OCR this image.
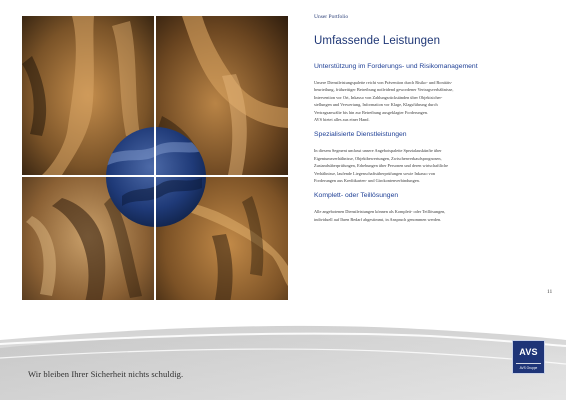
Unser Portfolio
Umfassende Leistungen
Unterstützung im Forderungs- und Risikomanagement

Unsere Dienstleistungspalette reicht von Prävention durch Risiko- und Bonitäts-

beurteilung, frühzeitiger Betreibung notleidend gewordener Vertragsverhältnisse,

Intervention vor Ort, Inkasso von Zahlungsrückständen über Objektsicher-

stellungen und Verwertung, Information vor Klage, Klagsführung durch

Vertragsanwälte bis hin zur Betreibung ausgeklagter Forderungen.

AVS bietet alles aus einer Hand.

Spezialisierte Dienstleistungen

In diesem Segment umfasst unsere Angebotspalette Spezialauskünfte über

Eigentumsverhältnisse, Objektbewertungen, Zwischenverkaufsprognosen,

Zustandsüberprüfungen, Erhebungen über Personen und deren wirtschaftliche

Verhältnisse, laufende Liegenschaftsüberprüfungen sowie Inkasso von

Forderungen aus Kreditkarten- und Girokontenverbindungen.

Komplett- oder Teillösungen

Alle angebotenen Dienstleistungen können als Komplett- oder Teillösungen,

individuell auf Ihren Bedarf abgestimmt, in Anspruch genommen werden.

11
Wir bleiben Ihrer Sicherheit nichts schuldig.
AVS
AVS Gruppe
